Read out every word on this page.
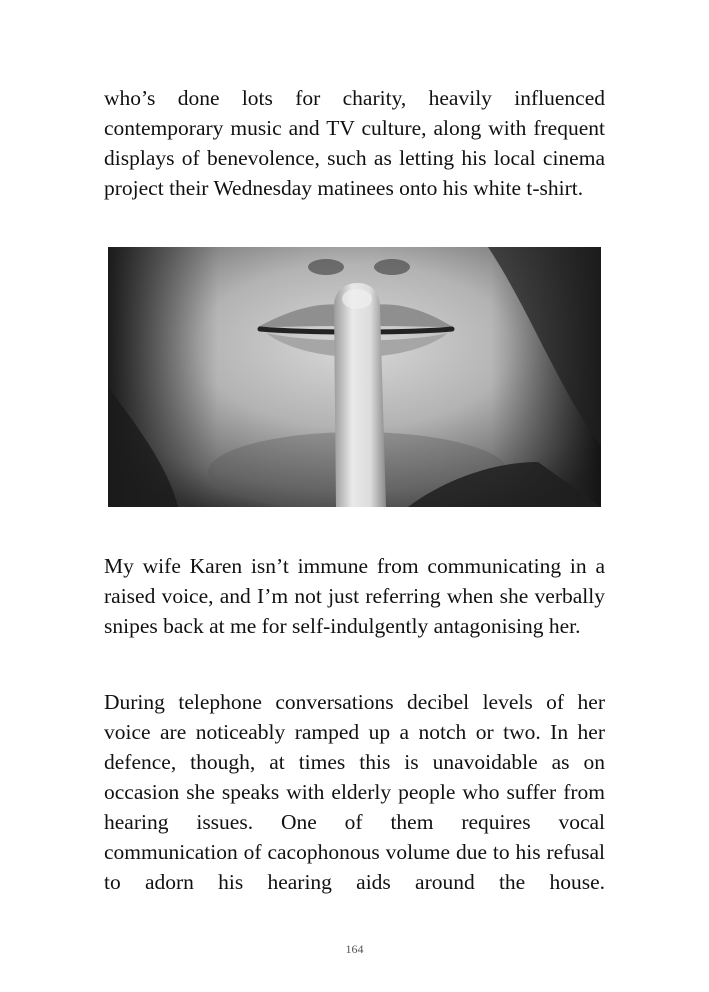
who’s done lots for charity, heavily influenced contemporary music and TV culture, along with frequent displays of benevolence, such as letting his local cinema project their Wednesday matinees onto his white t-shirt.

My wife Karen isn’t immune from communicating in a raised voice, and I’m not just referring when she verbally snipes back at me for self-indulgently antagonising her.

During telephone conversations decibel levels of her voice are noticeably ramped up a notch or two. In her defence, though, at times this is unavoidable as on occasion she speaks with elderly people who suffer from hearing issues. One of them requires vocal communication of cacophonous volume due to his refusal to adorn his hearing aids around the house.

164
